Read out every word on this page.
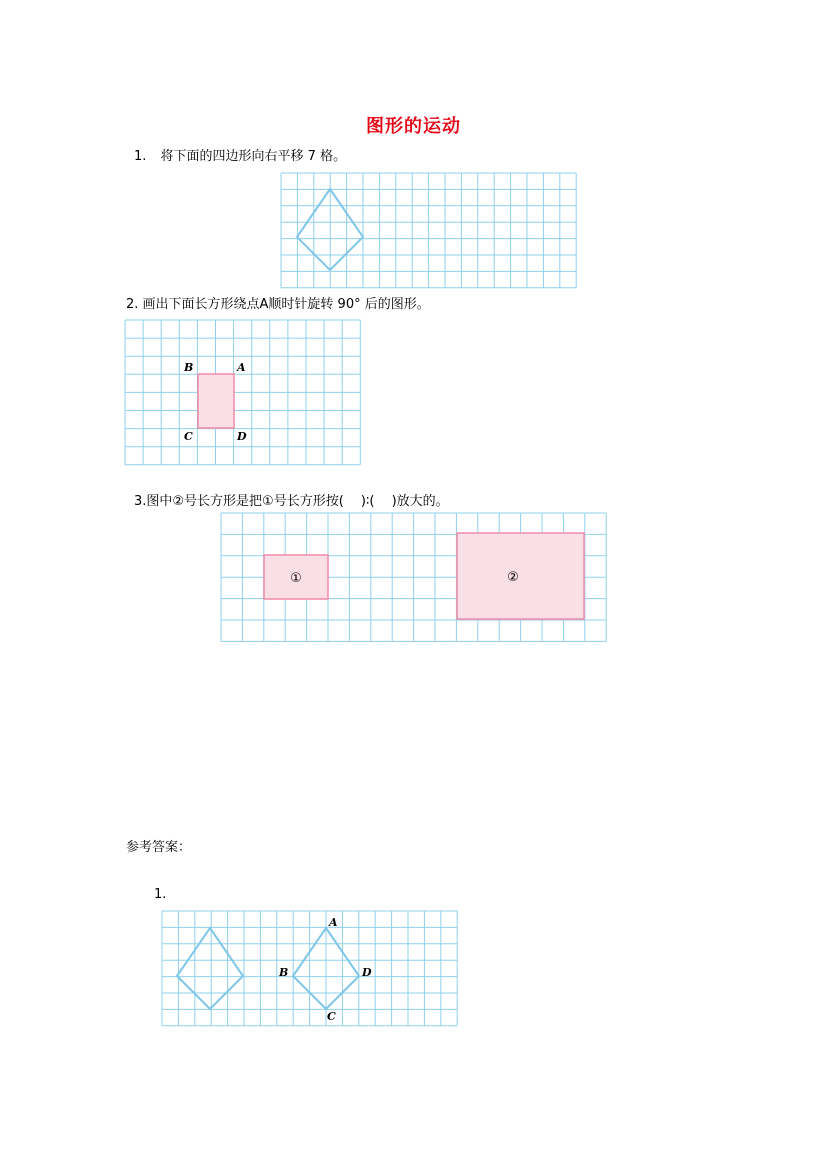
图形的运动
1. 将下面的四边形向右平移 7 格。
2. 画出下面长方形绕点A顺时针旋转 90° 后的图形。
B	A
C	D
3.图中②号长方形是把①号长方形按(　 )∶(　 )放大的。
①	②
参考答案：
1.
A
B
C
D
